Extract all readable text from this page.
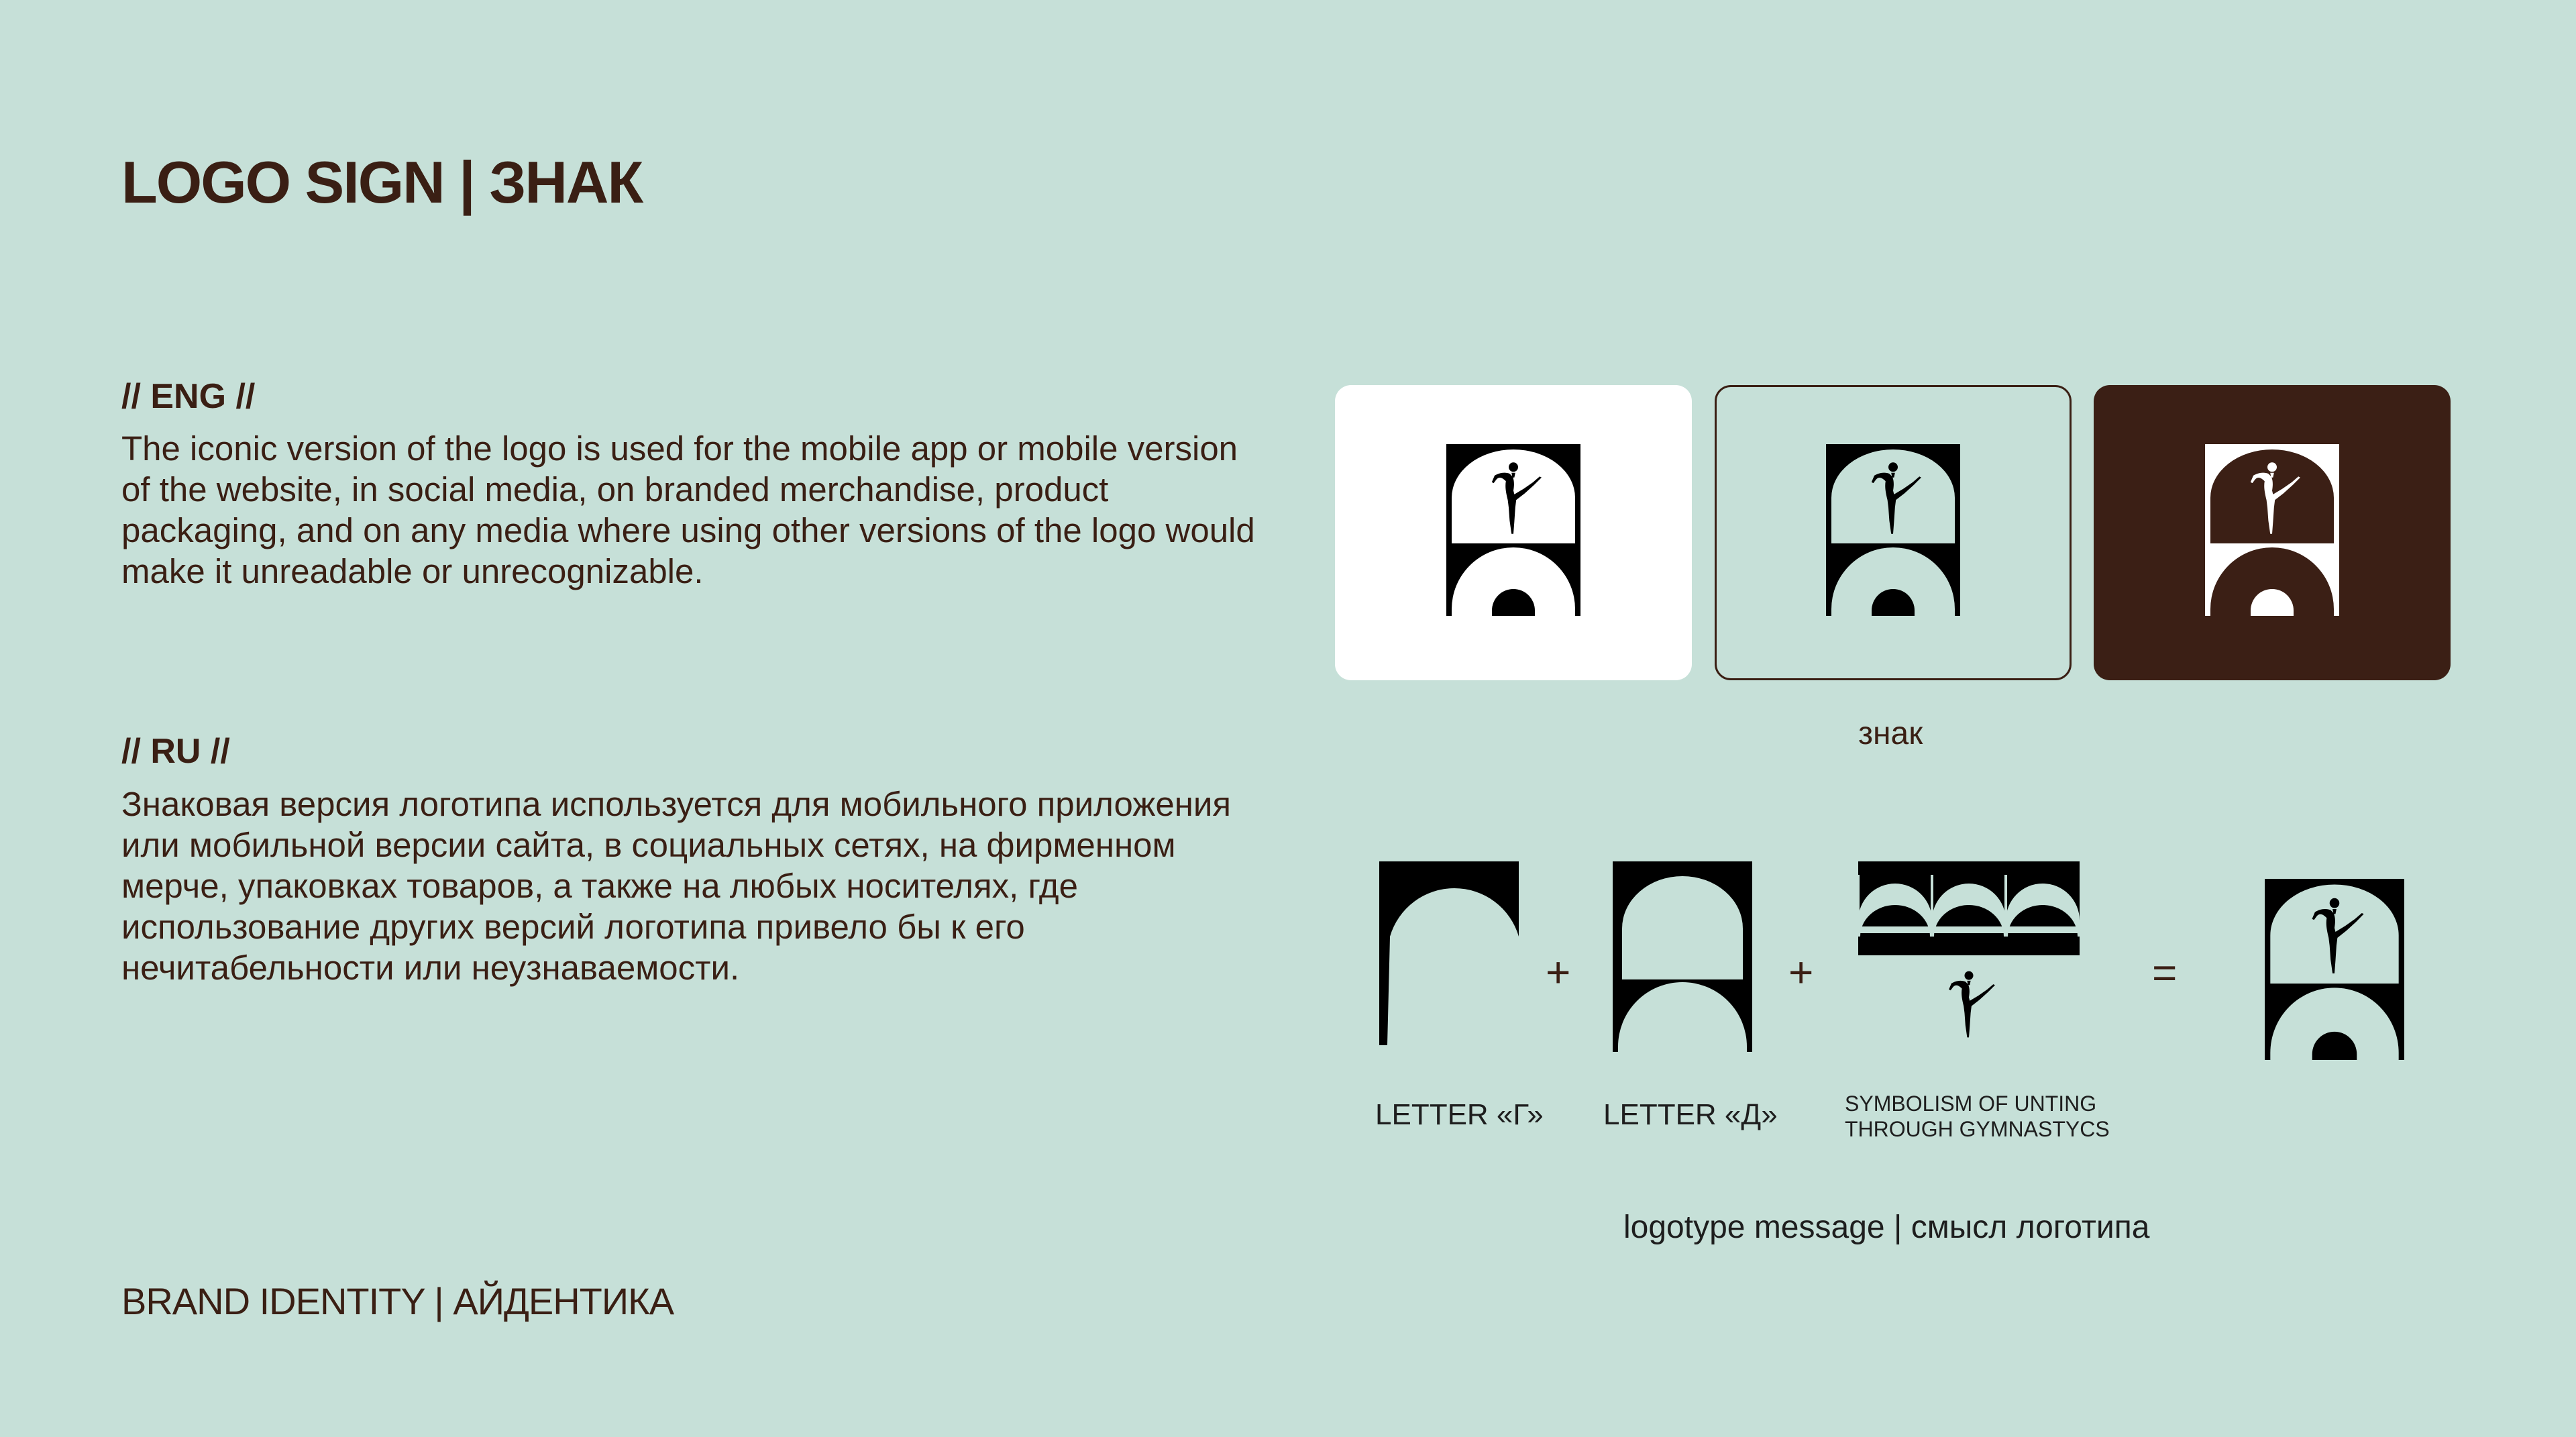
LOGO SIGN | ЗНАК
// ENG //
The iconic version of the logo is used for the mobile app or mobile version of the website, in social media, on branded merchandise, product packaging, and on any media where using other versions of the logo would make it unreadable or unrecognizable.
// RU //
Знаковая версия логотипа используется для мобильного приложения или мобильной версии сайта, в социальных сетях, на фирменном мерче, упаковках товаров, а также на любых носителях, где использование других версий логотипа привело бы к его нечитабельности или неузнаваемости.
BRAND IDENTITY | АЙДЕНТИКА
знак
+	+	=
LETTER «Г» LETTER «Д»	SYMBOLISM OF UNTING
THROUGH GYMNASTYCS
logotype message | смысл логотипа
